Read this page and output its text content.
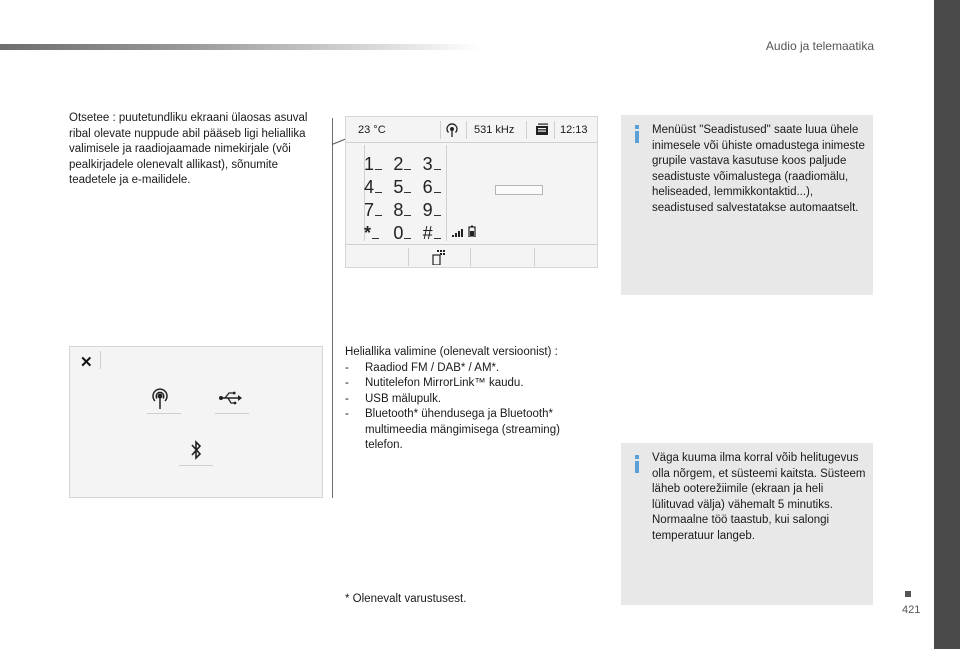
Audio ja telemaatika
Otsetee : puutetundliku ekraani ülaosas asuval ribal olevate nuppude abil pääseb ligi heliallika valimisele ja raadiojaamade nimekirjale (või pealkirjadele olenevalt allikast), sõnumite teadetele ja e-mailidele.
23 °C	531 kHz	12:13
1	2	3
4	5	6
7	8	9
*	0	#
Menüüst "Seadistused" saate luua ühele inimesele või ühiste omadustega inimeste grupile vastava kasutuse koos paljude seadistuste võimalustega (raadiomälu, heliseaded, lemmikkontaktid...), seadistused salvestatakse automaatselt.
✕
Heliallika valimine (olenevalt versioonist) :
- Raadiod FM / DAB* / AM*.
- Nutitelefon MirrorLink™ kaudu.
- USB mälupulk.
- Bluetooth* ühendusega ja Bluetooth* multimeedia mängimisega (streaming) telefon.
Väga kuuma ilma korral võib helitugevus olla nõrgem, et süsteemi kaitsta. Süsteem läheb ooterežiimile (ekraan ja heli lülituvad välja) vähemalt 5 minutiks.
Normaalne töö taastub, kui salongi temperatuur langeb.
* Olenevalt varustusest.
421
